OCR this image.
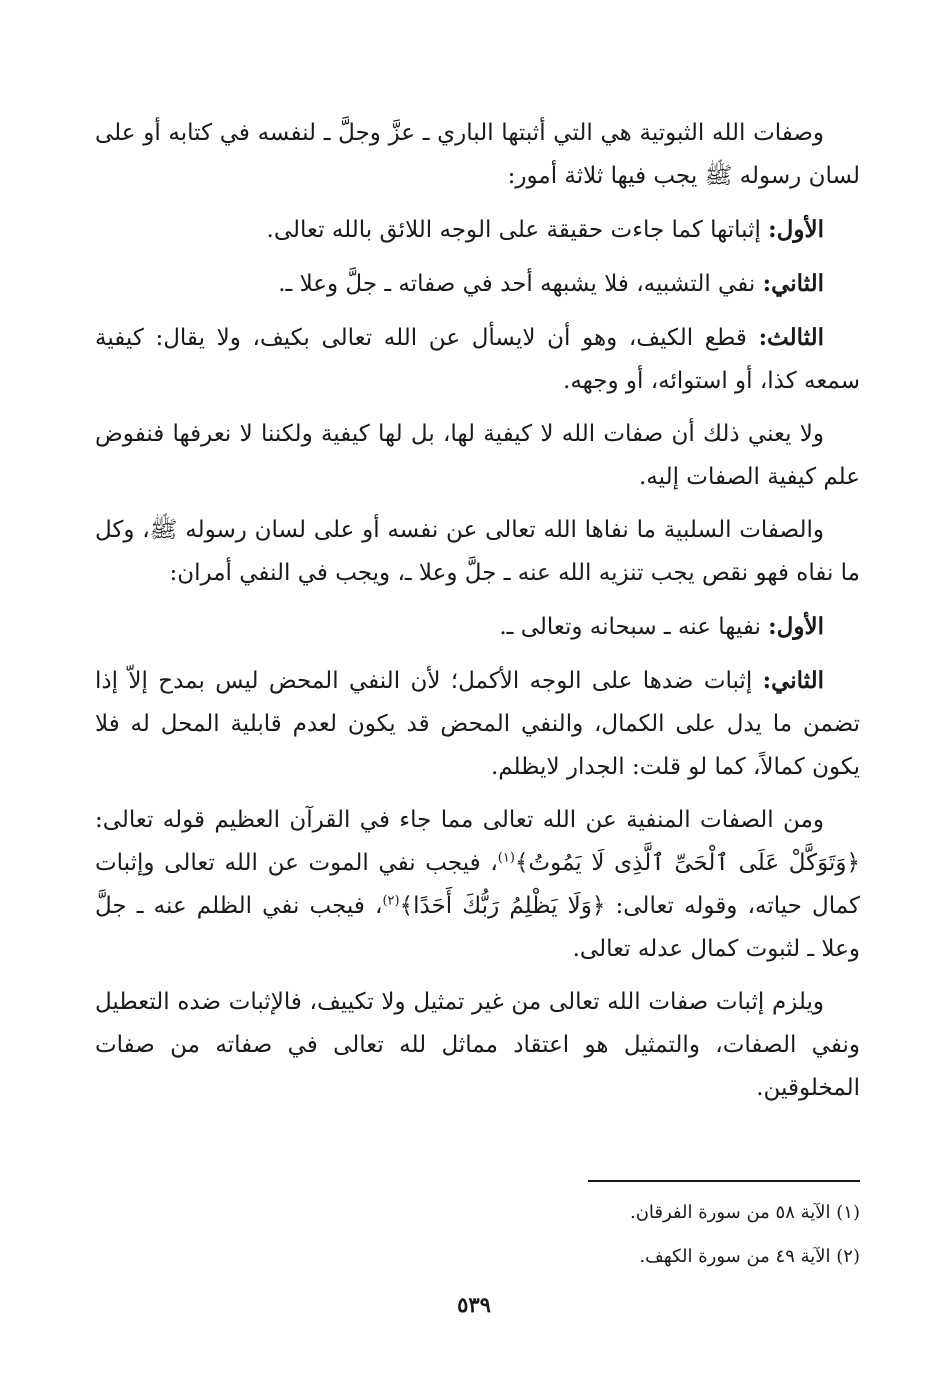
وصفات الله الثبوتية هي التي أثبتها الباري ـ عزَّ وجلَّ ـ لنفسه في كتابه أو على لسان رسوله ﷺ يجب فيها ثلاثة أمور:

الأول: إثباتها كما جاءت حقيقة على الوجه اللائق بالله تعالى.

الثاني: نفي التشبيه، فلا يشبهه أحد في صفاته ـ جلَّ وعلا ـ.

الثالث: قطع الكيف، وهو أن لايسأل عن الله تعالى بكيف، ولا يقال: كيفية سمعه كذا، أو استوائه، أو وجهه.

ولا يعني ذلك أن صفات الله لا كيفية لها، بل لها كيفية ولكننا لا نعرفها فنفوض علم كيفية الصفات إليه.

والصفات السلبية ما نفاها الله تعالى عن نفسه أو على لسان رسوله ﷺ، وكل ما نفاه فهو نقص يجب تنزيه الله عنه ـ جلَّ وعلا ـ، ويجب في النفي أمران:

الأول: نفيها عنه ـ سبحانه وتعالى ـ.

الثاني: إثبات ضدها على الوجه الأكمل؛ لأن النفي المحض ليس بمدح إلاّ إذا تضمن ما يدل على الكمال، والنفي المحض قد يكون لعدم قابلية المحل له فلا يكون كمالاً، كما لو قلت: الجدار لايظلم.

ومن الصفات المنفية عن الله تعالى مما جاء في القرآن العظيم قوله تعالى: ﴿وَتَوَكَّلْ عَلَى ٱلْحَىِّ ٱلَّذِى لَا يَمُوتُ﴾$^{(١)}$، فيجب نفي الموت عن الله تعالى وإثبات كمال حياته، وقوله تعالى: ﴿وَلَا يَظْلِمُ رَبُّكَ أَحَدًا﴾$^{(٢)}$، فيجب نفي الظلم عنه ـ جلَّ وعلا ـ لثبوت كمال عدله تعالى.

ويلزم إثبات صفات الله تعالى من غير تمثيل ولا تكييف، فالإثبات ضده التعطيل ونفي الصفات، والتمثيل هو اعتقاد مماثل لله تعالى في صفاته من صفات المخلوقين.

(١) الآية ٥٨ من سورة الفرقان.
(٢) الآية ٤٩ من سورة الكهف.
٥٣٩
